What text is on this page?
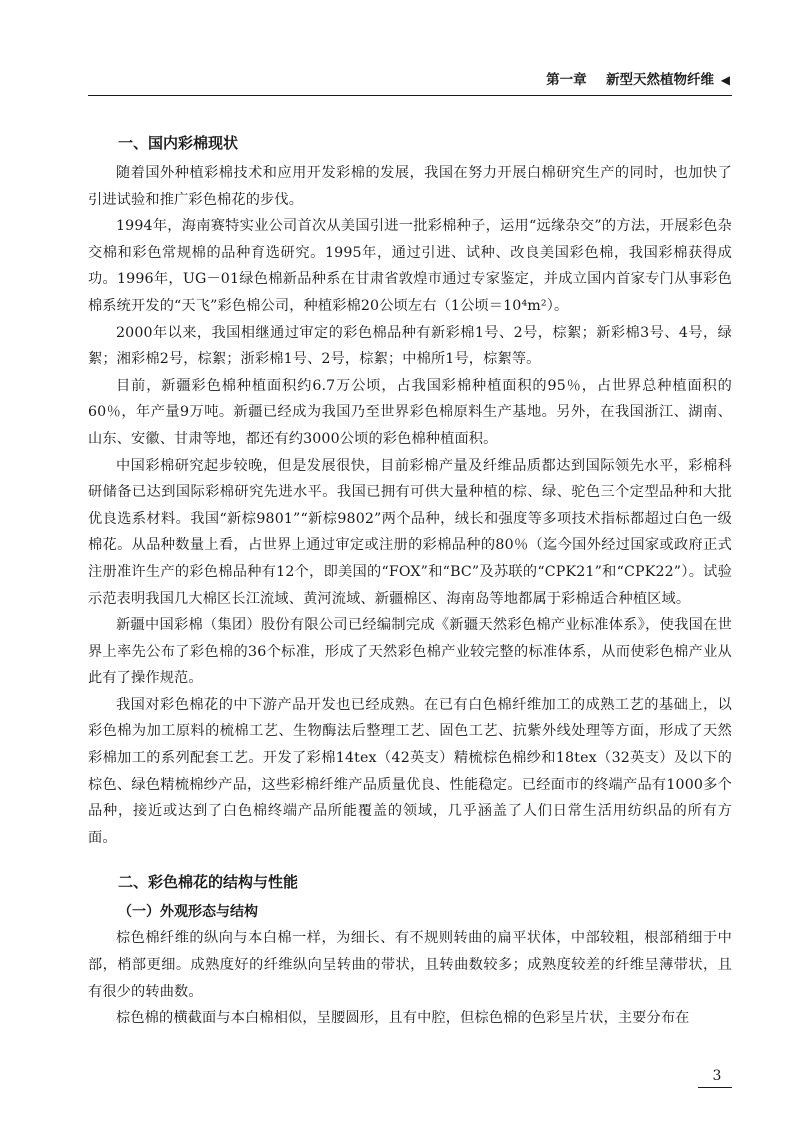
第一章 新型天然植物纤维 ◀
一、国内彩棉现状

随着国外种植彩棉技术和应用开发彩棉的发展，我国在努力开展白棉研究生产的同时，也加快了引进试验和推广彩色棉花的步伐。

1994年，海南赛特实业公司首次从美国引进一批彩棉种子，运用“远缘杂交”的方法，开展彩色杂交棉和彩色常规棉的品种育选研究。1995年，通过引进、试种、改良美国彩色棉，我国彩棉获得成功。1996年，UG－01绿色棉新品种系在甘肃省敦煌市通过专家鉴定，并成立国内首家专门从事彩色棉系统开发的“天飞”彩色棉公司，种植彩棉20公顷左右（1公顷＝10⁴m²）。

2000年以来，我国相继通过审定的彩色棉品种有新彩棉1号、2号，棕絮；新彩棉3号、4号，绿絮；湘彩棉2号，棕絮；浙彩棉1号、2号，棕絮；中棉所1号，棕絮等。

目前，新疆彩色棉种植面积约6.7万公顷，占我国彩棉种植面积的95％，占世界总种植面积的60％，年产量9万吨。新疆已经成为我国乃至世界彩色棉原料生产基地。另外，在我国浙江、湖南、山东、安徽、甘肃等地，都还有约3000公顷的彩色棉种植面积。

中国彩棉研究起步较晚，但是发展很快，目前彩棉产量及纤维品质都达到国际领先水平，彩棉科研储备已达到国际彩棉研究先进水平。我国已拥有可供大量种植的棕、绿、驼色三个定型品种和大批优良选系材料。我国“新棕9801”“新棕9802”两个品种，绒长和强度等多项技术指标都超过白色一级棉花。从品种数量上看，占世界上通过审定或注册的彩棉品种的80％（迄今国外经过国家或政府正式注册准许生产的彩色棉品种有12个，即美国的“FOX”和“BC”及苏联的“CPK21”和“CPK22”）。试验示范表明我国几大棉区长江流域、黄河流域、新疆棉区、海南岛等地都属于彩棉适合种植区域。

新疆中国彩棉（集团）股份有限公司已经编制完成《新疆天然彩色棉产业标准体系》，使我国在世界上率先公布了彩色棉的36个标准，形成了天然彩色棉产业较完整的标准体系，从而使彩色棉产业从此有了操作规范。

我国对彩色棉花的中下游产品开发也已经成熟。在已有白色棉纤维加工的成熟工艺的基础上，以彩色棉为加工原料的梳棉工艺、生物酶法后整理工艺、固色工艺、抗紫外线处理等方面，形成了天然彩棉加工的系列配套工艺。开发了彩棉14tex（42英支）精梳棕色棉纱和18tex（32英支）及以下的棕色、绿色精梳棉纱产品，这些彩棉纤维产品质量优良、性能稳定。已经面市的终端产品有1000多个品种，接近或达到了白色棉终端产品所能覆盖的领域，几乎涵盖了人们日常生活用纺织品的所有方面。

二、彩色棉花的结构与性能
（一）外观形态与结构

棕色棉纤维的纵向与本白棉一样，为细长、有不规则转曲的扁平状体，中部较粗，根部稍细于中部，梢部更细。成熟度好的纤维纵向呈转曲的带状，且转曲数较多；成熟度较差的纤维呈薄带状，且有很少的转曲数。

棕色棉的横截面与本白棉相似，呈腰圆形，且有中腔，但棕色棉的色彩呈片状，主要分布在

3
